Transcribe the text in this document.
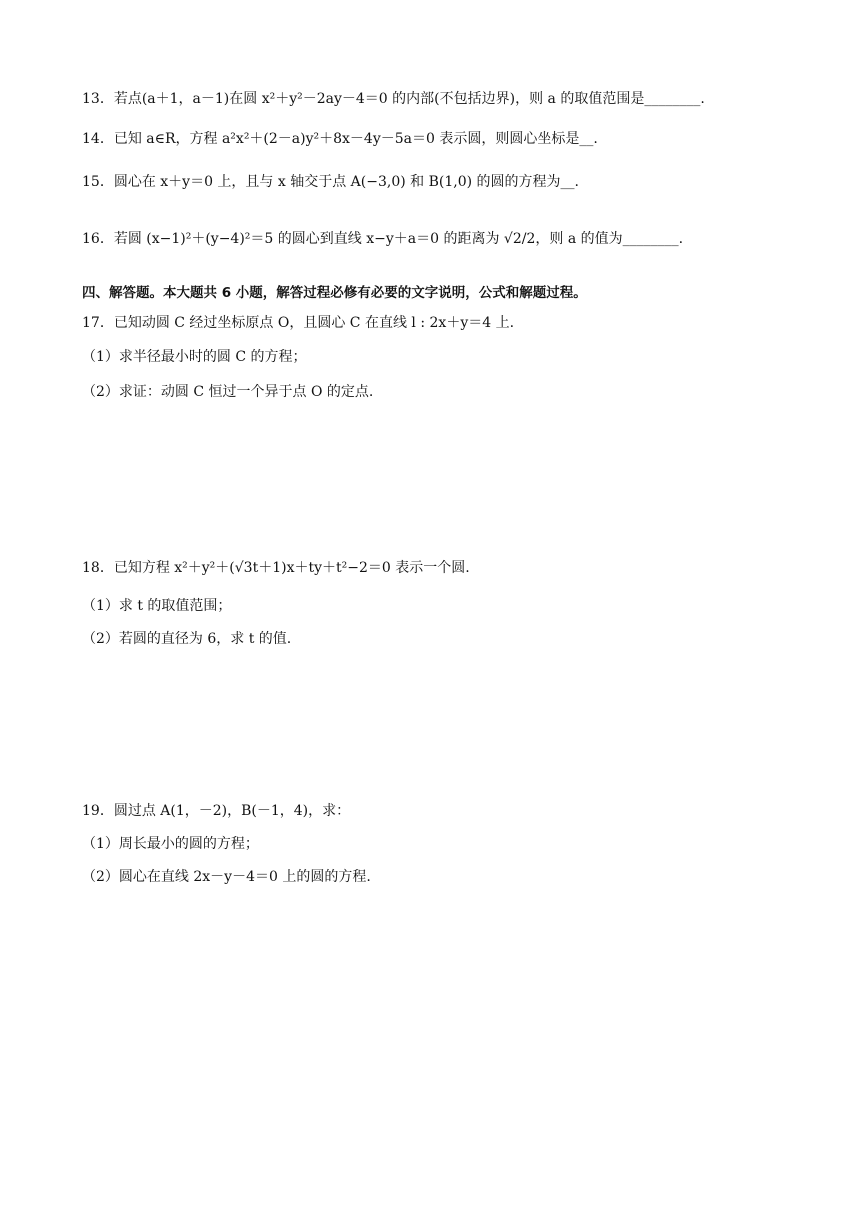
13．若点(a＋1，a－1)在圆 x²＋y²－2ay－4＝0 的内部(不包括边界)，则 a 的取值范围是________.
14．已知 a∈R，方程 a²x²＋(2－a)y²＋8x－4y－5a＝0 表示圆，则圆心坐标是__.
15．圆心在 x＋y＝0 上，且与 x 轴交于点 A(−3,0) 和 B(1,0) 的圆的方程为__.
16．若圆 (x−1)²＋(y−4)²＝5 的圆心到直线 x−y＋a＝0 的距离为 √2/2，则 a 的值为________.
四、解答题。本大题共 6 小题，解答过程必修有必要的文字说明，公式和解题过程。
17．已知动圆 C 经过坐标原点 O，且圆心 C 在直线 l : 2x＋y＝4 上.
（1）求半径最小时的圆 C 的方程；
（2）求证：动圆 C 恒过一个异于点 O 的定点.
18．已知方程 x²＋y²＋(√3t＋1)x＋ty＋t²−2＝0 表示一个圆.
（1）求 t 的取值范围；
（2）若圆的直径为 6，求 t 的值.
19．圆过点 A(1，－2)，B(－1，4)，求：
（1）周长最小的圆的方程；
（2）圆心在直线 2x－y－4＝0 上的圆的方程.
